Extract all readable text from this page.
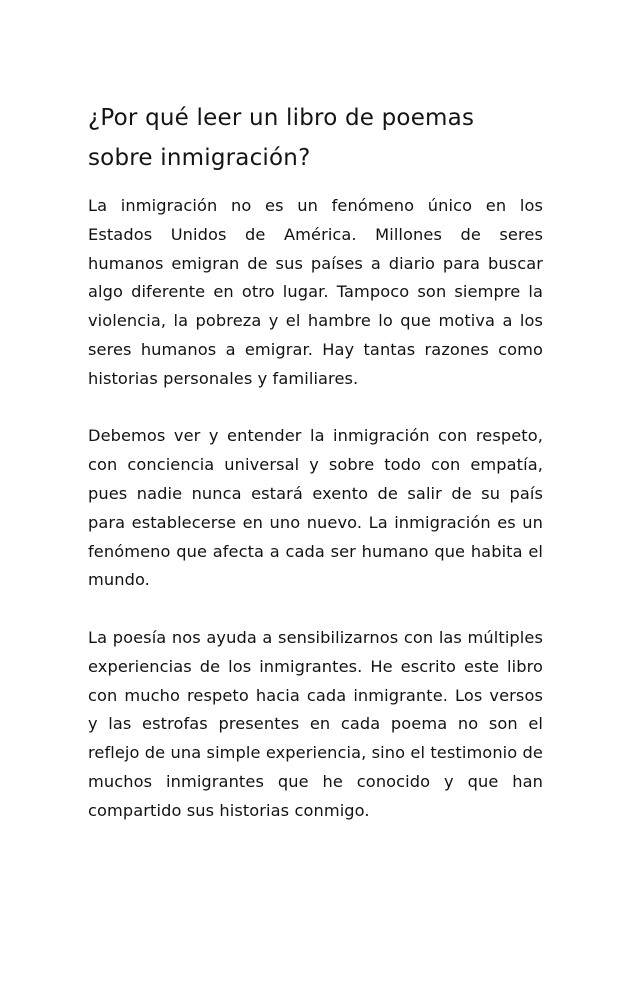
¿Por qué leer un libro de poemas sobre inmigración?

La inmigración no es un fenómeno único en los Estados Unidos de América. Millones de seres humanos emigran de sus países a diario para buscar algo diferente en otro lugar. Tampoco son siempre la violencia, la pobreza y el hambre lo que motiva a los seres humanos a emigrar. Hay tantas razones como historias personales y familiares.

Debemos ver y entender la inmigración con respeto, con conciencia universal y sobre todo con empatía, pues nadie nunca estará exento de salir de su país para establecerse en uno nuevo. La inmigración es un fenómeno que afecta a cada ser humano que habita el mundo.

La poesía nos ayuda a sensibilizarnos con las múltiples experiencias de los inmigrantes. He escrito este libro con mucho respeto hacia cada inmigrante. Los versos y las estrofas presentes en cada poema no son el reflejo de una simple experiencia, sino el testimonio de muchos inmigrantes que he conocido y que han compartido sus historias conmigo.
